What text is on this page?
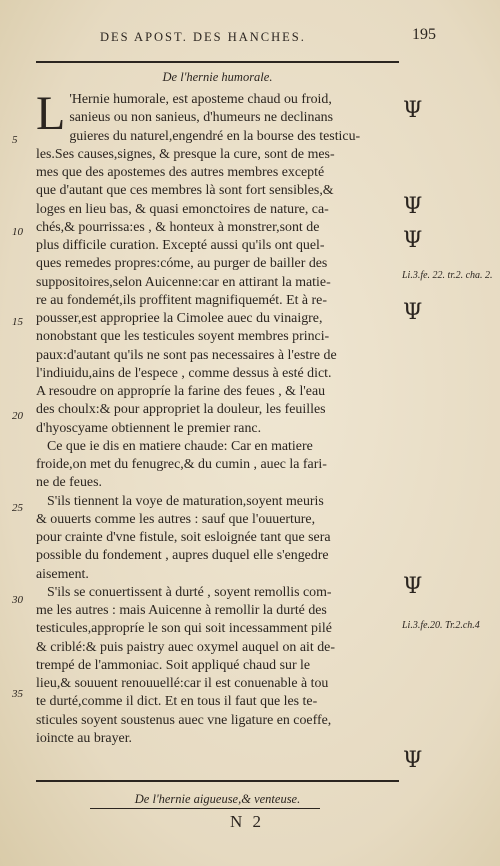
DES APOST. DES HANCHES.	195
De l'hernie humorale.
L 'Hernie humorale, est aposteme chaud ou froid,
sanieus ou non sanieus, d'humeurs ne declinans
guieres du naturel,engendré en la bourse des testicu-
les.Ses causes,signes, & presque la cure, sont de mes-
mes que des apostemes des autres membres excepté
que d'autant que ces membres là sont fort sensibles,&
loges en lieu bas, & quasi emonctoires de nature, ca-
chés,& pourrissa:es , & honteux à monstrer,sont de
plus difficile curation. Excepté aussi qu'ils ont quel-
ques remedes propres:cóme, au purger de bailler des
suppositoires,selon Auicenne:car en attirant la matie-
re au fondemét,ils proffitent magnifiquemét. Et à re-
pousser,est appropriee la Cimolee auec du vinaigre,
nonobstant que les testicules soyent membres princi-
paux:d'autant qu'ils ne sont pas necessaires à l'estre de
l'indiuidu,ains de l'espece , comme dessus à esté dict.
A resoudre on appropríe la farine des feues , & l'eau
des choulx:& pour appropriet la douleur, les feuilles
d'hyoscyame obtiennent le premier ranc.
Ce que ie dis en matiere chaude: Car en matiere
froide,on met du fenugrec,& du cumin , auec la fari-
ne de feues.
S'ils tiennent la voye de maturation,soyent meuris
& ouuerts comme les autres : sauf que l'ouuerture,
pour crainte d'vne fistule, soit esloignée tant que sera
possible du fondement , aupres duquel elle s'engedre
aisement.
S'ils se conuertissent à durté , soyent remollis com-
me les autres : mais Auicenne à remollir la durté des
testicules,appropríe le son qui soit incessamment pilé
& criblé:& puis paistry auec oxymel auquel on ait de-
trempé de l'ammoniac. Soit appliqué chaud sur le
lieu,& souuent renouuellé:car il est conuenable à tou
te durté,comme il dict. Et en tous il faut que les te-
sticules soyent soustenus auec vne ligature en coeffe,
ioincte au brayer.
5
10
15
20
25
30
35
Ψ
Ψ
Ψ
Ψ
Ψ
Ψ
Li.3.fe. 22. tr.2. cha. 2.
Li.3.fe.20. Tr.2.ch.4
De l'hernie aigueuse,& venteuse.
N 2
